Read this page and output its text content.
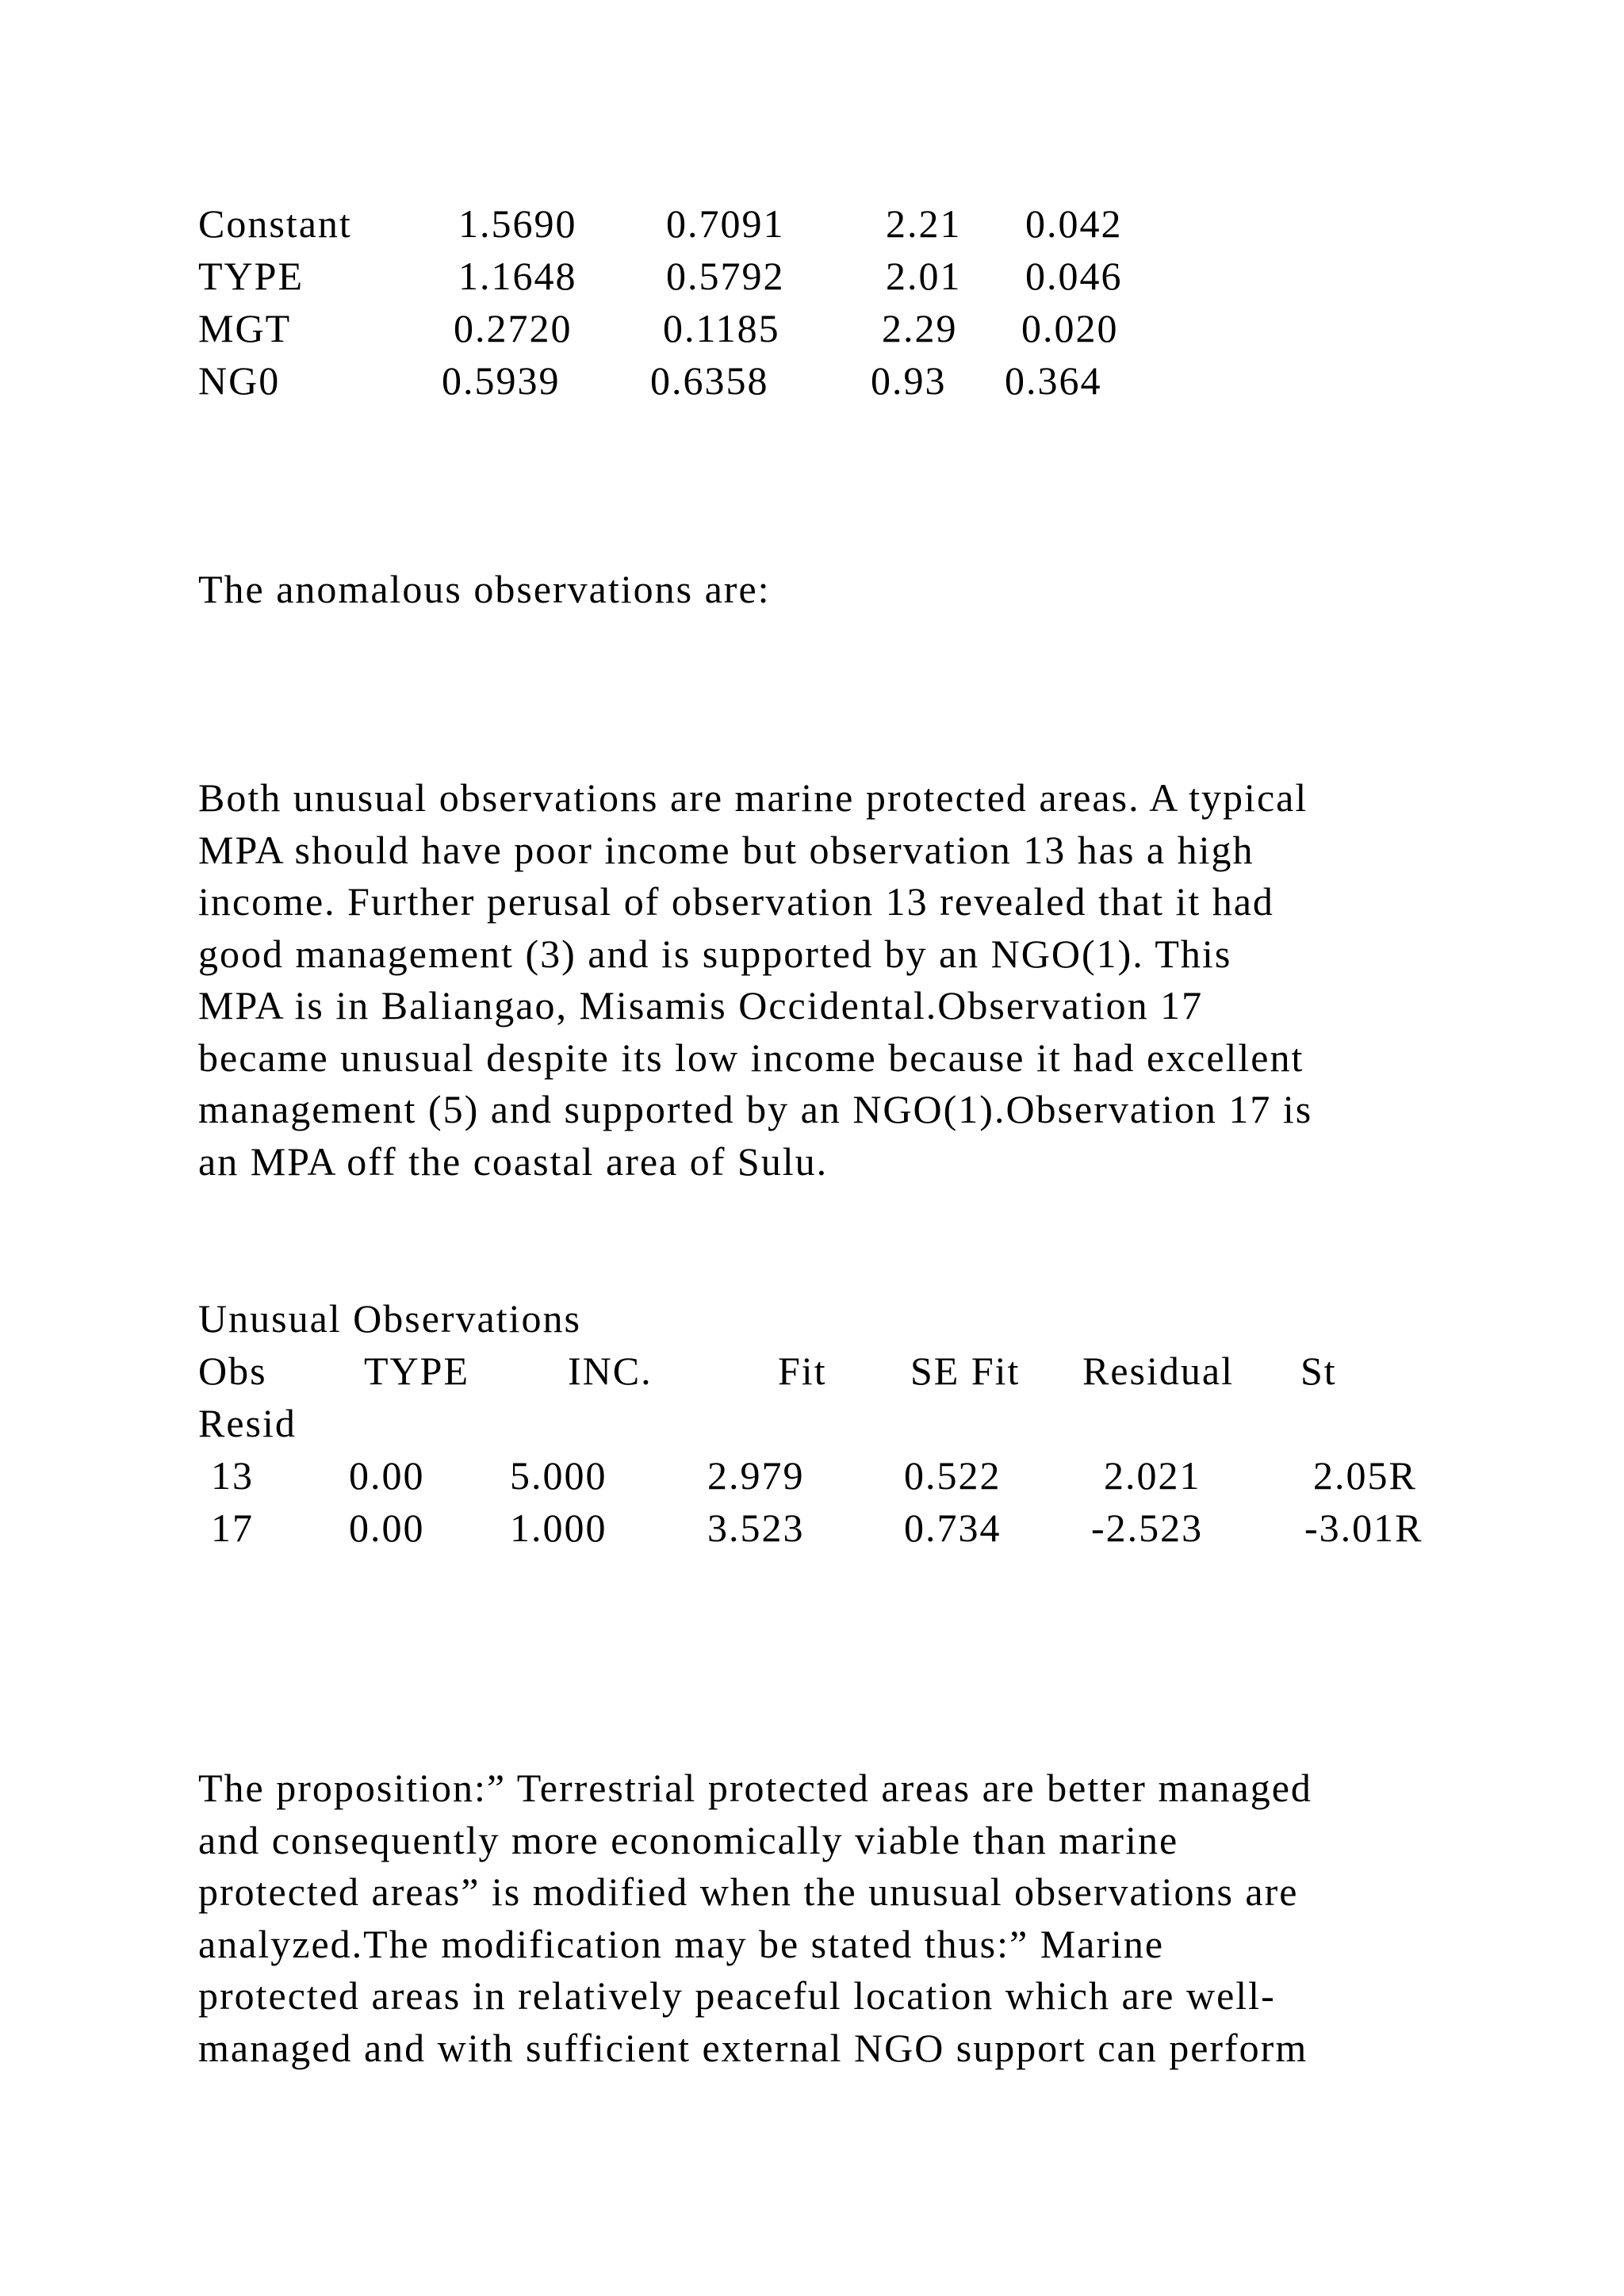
Constant	1.5690 0.7091	2.21 0.042
TYPE	1.1648 0.5792	2.01 0.046
MGT	0.2720 0.1185	2.29 0.020
NG0	0.5939 0.6358	0.93 0.364
The anomalous observations are:
Both unusual observations are marine protected areas. A typical
MPA should have poor income but observation 13 has a high
income. Further perusal of observation 13 revealed that it had
good management (3) and is supported by an NGO(1). This
MPA is in Baliangao, Misamis Occidental.Observation 17
became unusual despite its low income because it had excellent
management (5) and supported by an NGO(1).Observation 17 is
an MPA off the coastal area of Sulu.
Unusual Observations
Obs TYPE INC.	Fit SE Fit Residual St
Resid
13 0.00 5.000	2.979	0.522	2.021	2.05R
17 0.00 1.000	3.523	0.734 -2.523	-3.01R
The proposition:” Terrestrial protected areas are better managed
and consequently more economically viable than marine
protected areas” is modified when the unusual observations are
analyzed.The modification may be stated thus:” Marine
protected areas in relatively peaceful location which are well-
managed and with sufficient external NGO support can perform
